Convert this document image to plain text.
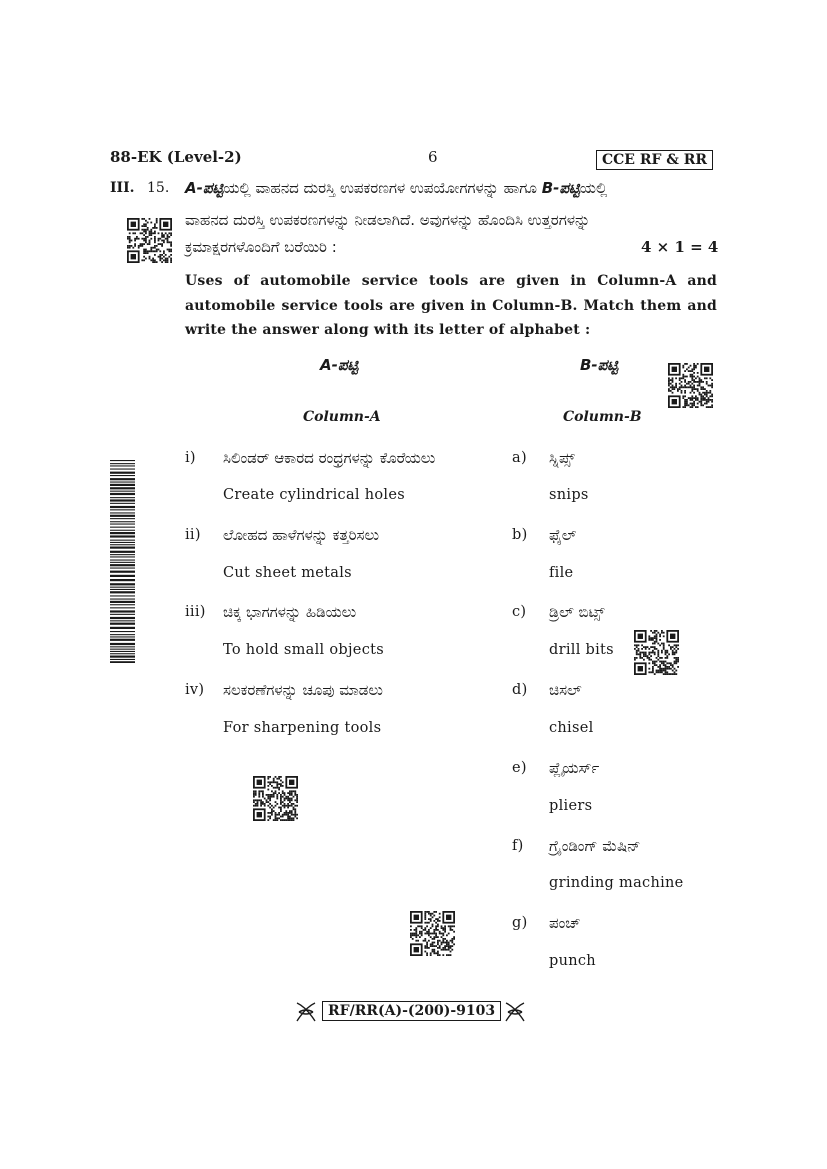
88-EK (Level-2)	6	CCE RF & RR
III. 15. A-ಪಟ್ಟಿಯಲ್ಲಿ ವಾಹನದ ದುರಸ್ತಿ ಉಪಕರಣಗಳ ಉಪಯೋಗಗಳನ್ನು ಹಾಗೂ B-ಪಟ್ಟಿಯಲ್ಲಿ
ವಾಹನದ ದುರಸ್ತಿ ಉಪಕರಣಗಳನ್ನು ನೀಡಲಾಗಿದೆ. ಅವುಗಳನ್ನು ಹೊಂದಿಸಿ ಉತ್ತರಗಳನ್ನು
ಕ್ರಮಾಕ್ಷರಗಳೊಂದಿಗೆ ಬರೆಯಿರಿ :	4 × 1 = 4
Uses of automobile service tools are given in Column-A and
automobile service tools are given in Column-B. Match them and
write the answer along with its letter of alphabet :
A-ಪಟ್ಟಿ	B-ಪಟ್ಟಿ
Column-A	Column-B
i) ಸಿಲಿಂಡರ್ ಆಕಾರದ ರಂಧ್ರಗಳನ್ನು ಕೊರೆಯಲು
Create cylindrical holes
ii) ಲೋಹದ ಹಾಳೆಗಳನ್ನು ಕತ್ತರಿಸಲು
Cut sheet metals
iii) ಚಿಕ್ಕ ಭಾಗಗಳನ್ನು ಹಿಡಿಯಲು
To hold small objects
iv) ಸಲಕರಣೆಗಳನ್ನು ಚೂಪು ಮಾಡಲು
For sharpening tools
a) ಸ್ನಿಪ್ಸ್
snips
b) ಫೈಲ್
file
c) ಡ್ರಿಲ್ ಬಿಟ್ಸ್
drill bits
d) ಚಿಸಲ್
chisel
e) ಪ್ಲೈಯರ್ಸ್
pliers
f) ಗ್ರೈಂಡಿಂಗ್ ಮೆಷಿನ್
grinding machine
g) ಪಂಚ್
punch
RF/RR(A)-(200)-9103
